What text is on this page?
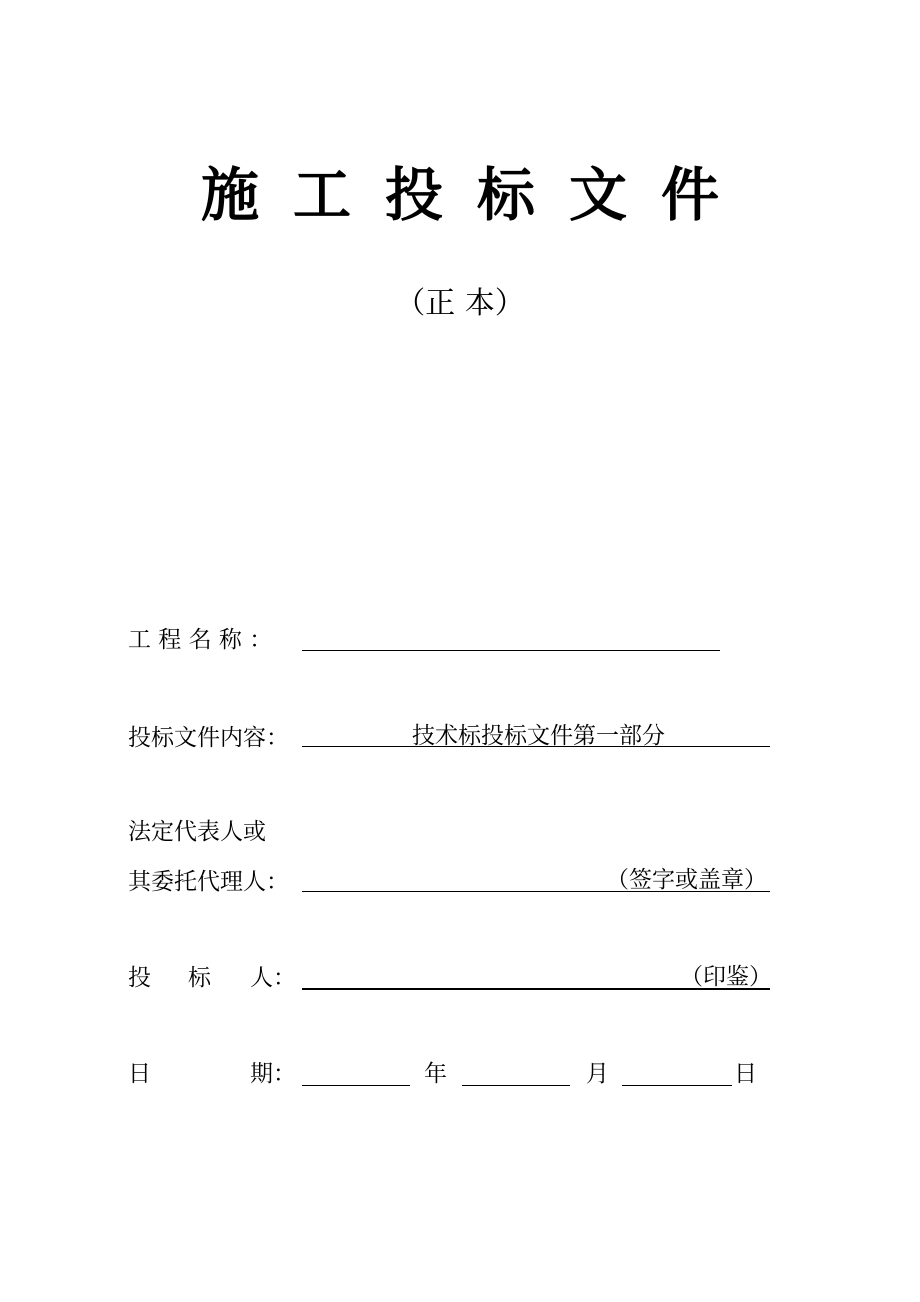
施工投标文件
（正 本）
工 程 名 称 ：
投标文件内容：	技术标投标文件第一部分
法定代表人或
其委托代理人：	（签字或盖章）
投 标 人：	（印鉴）
日	期：	年	月	日
